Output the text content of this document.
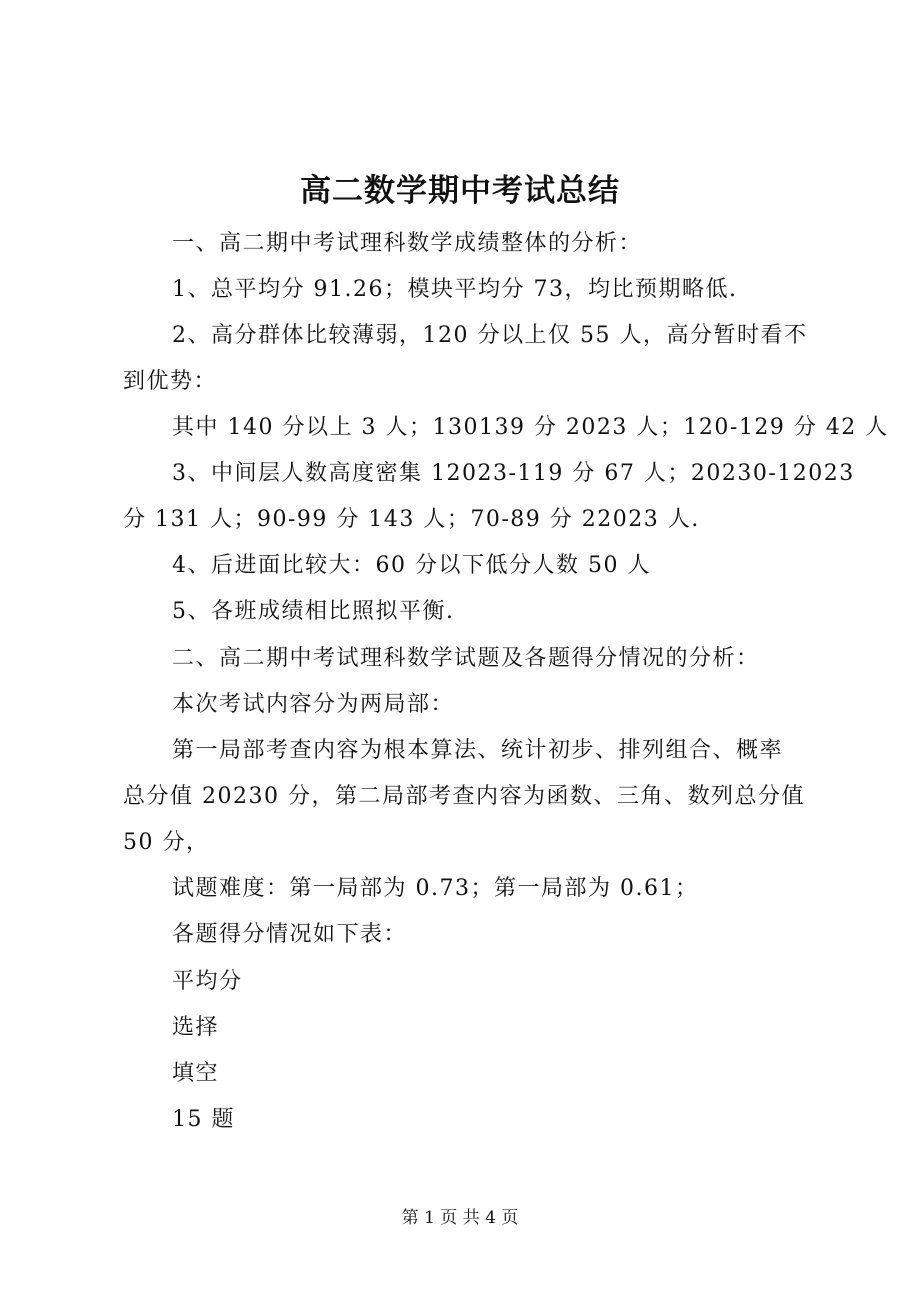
高二数学期中考试总结
一、高二期中考试理科数学成绩整体的分析：
1、总平均分 91.26；模块平均分 73，均比预期略低.
2、高分群体比较薄弱，120 分以上仅 55 人，高分暂时看不
到优势：
其中 140 分以上 3 人；130139 分 2023 人；120-129 分 42 人
3、中间层人数高度密集 12023-119 分 67 人；20230-12023
分 131 人；90-99 分 143 人；70-89 分 22023 人.
4、后进面比较大：60 分以下低分人数 50 人
5、各班成绩相比照拟平衡.
二、高二期中考试理科数学试题及各题得分情况的分析：
本次考试内容分为两局部：
第一局部考查内容为根本算法、统计初步、排列组合、概率
总分值 20230 分，第二局部考查内容为函数、三角、数列总分值
50 分，
试题难度：第一局部为 0.73；第一局部为 0.61；
各题得分情况如下表：
平均分
选择
填空
15 题
第 1 页 共 4 页
